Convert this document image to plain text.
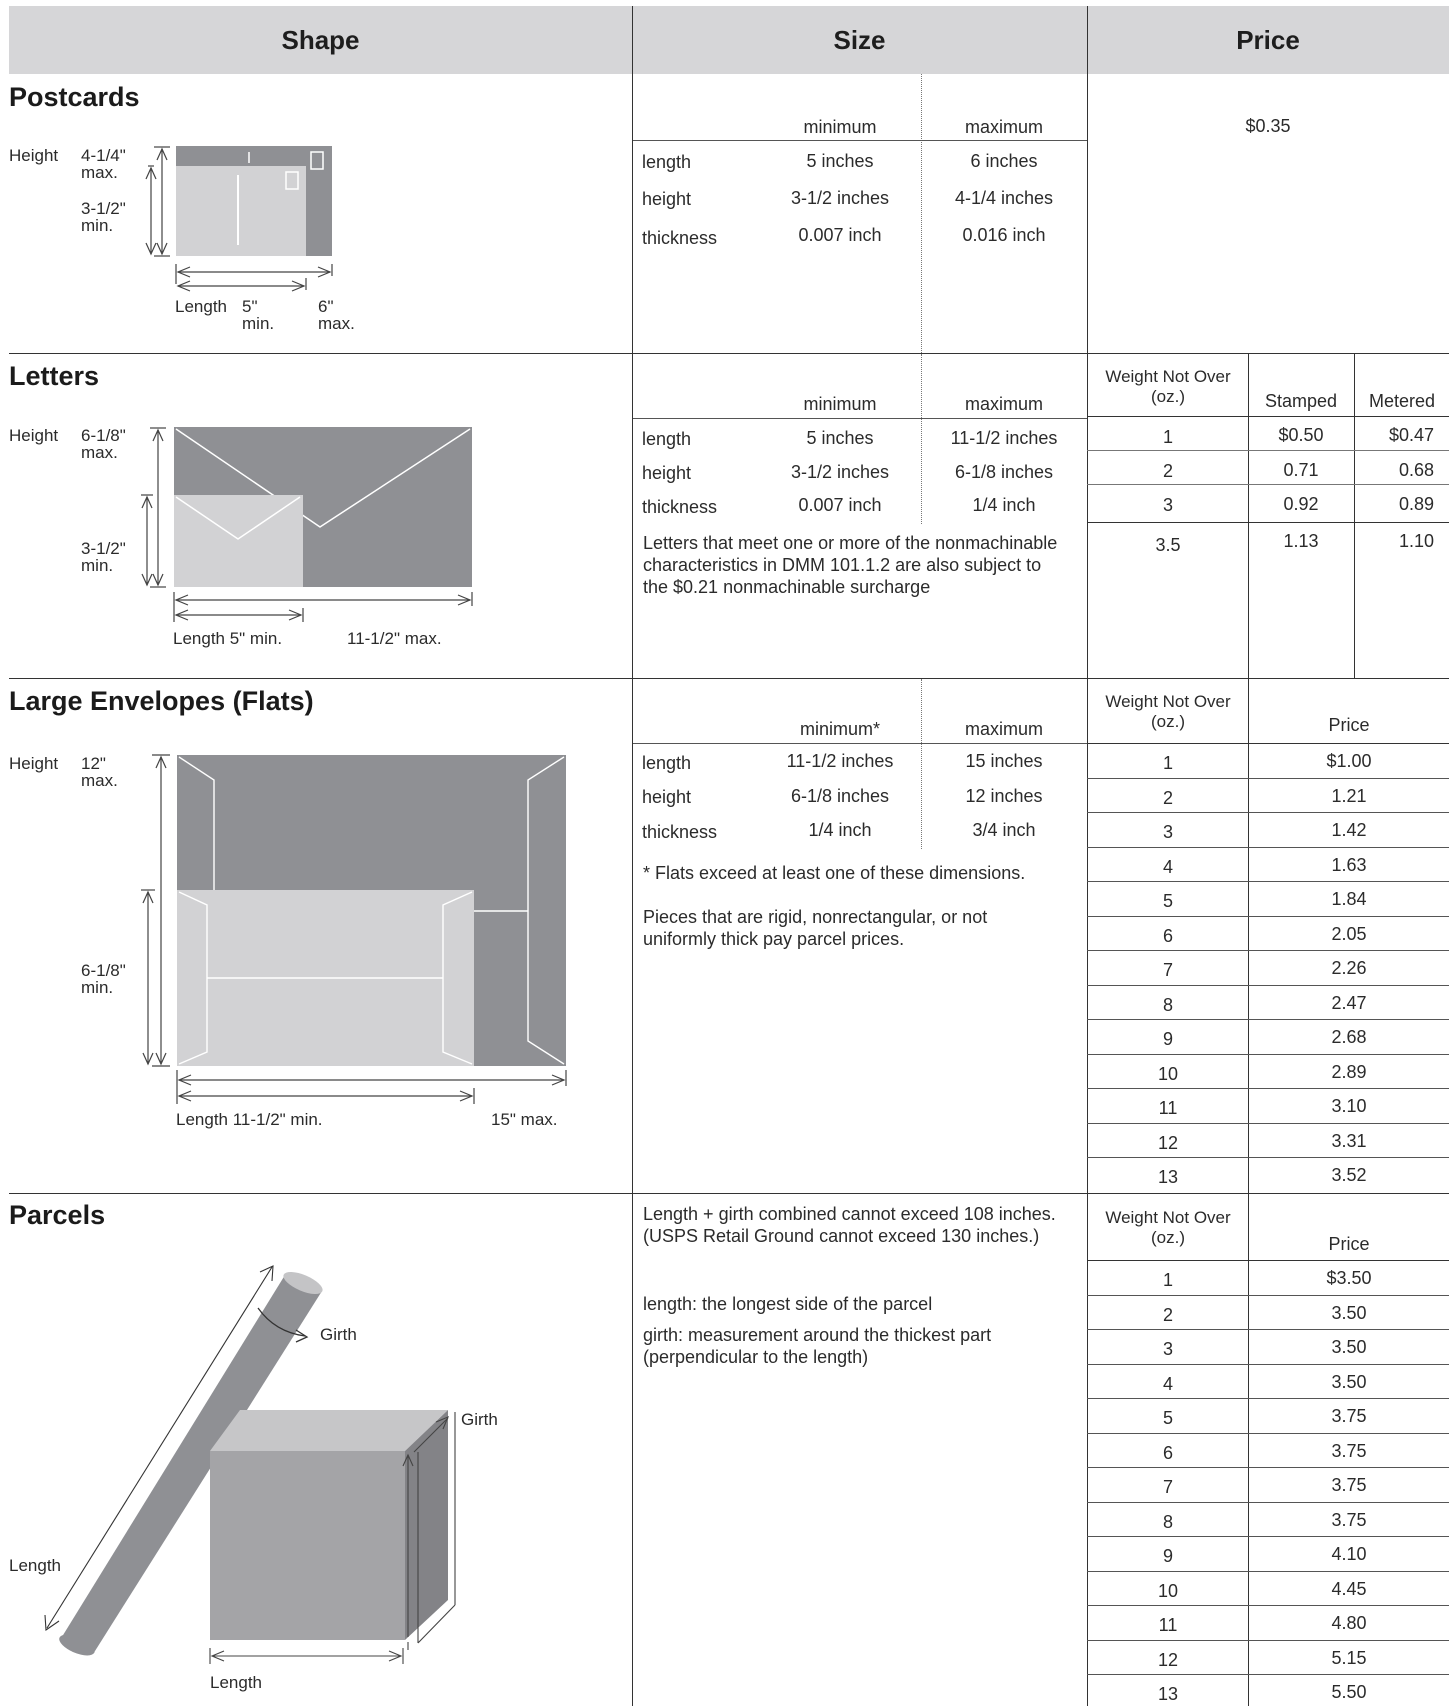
Shape	Size	Price
Postcards
Height 4-1/4"
max.
3-1/2"
min.
Length 5"
min.
6"
max.
minimum	maximum
length	5 inches	6 inches
height	3-1/2 inches	4-1/4 inches
thickness	0.007 inch	0.016 inch
$0.35
Letters
Height 6-1/8"
max.
3-1/2"
min.
Length 5" min.	11-1/2" max.
minimum	maximum
length	5 inches	11-1/2 inches
height	3-1/2 inches	6-1/8 inches
thickness	0.007 inch	1/4 inch
Letters that meet one or more of the nonmachinable characteristics in DMM 101.1.2 are also subject to the $0.21 nonmachinable surcharge
Weight Not Over (oz.)	Stamped	Metered
1	$0.50	$0.47
2	0.71	0.68
3	0.92	0.89
3.5	1.13	1.10
Large Envelopes (Flats)
Height 12"
max.
6-1/8"
min.
Length 11-1/2" min.	15" max.
minimum*	maximum
length	11-1/2 inches	15 inches
height	6-1/8 inches	12 inches
thickness	1/4 inch	3/4 inch
* Flats exceed at least one of these dimensions.
Pieces that are rigid, nonrectangular, or not uniformly thick pay parcel prices.
Weight Not Over (oz.)	Price
1	$1.00
2	1.21
3	1.42
4	1.63
5	1.84
6	2.05
7	2.26
8	2.47
9	2.68
10	2.89
11	3.10
12	3.31
13	3.52
Parcels
Girth
Girth
Length
Length
Length + girth combined cannot exceed 108 inches. (USPS Retail Ground cannot exceed 130 inches.)
length: the longest side of the parcel
girth: measurement around the thickest part (perpendicular to the length)
Weight Not Over (oz.)	Price
1	$3.50
2	3.50
3	3.50
4	3.50
5	3.75
6	3.75
7	3.75
8	3.75
9	4.10
10	4.45
11	4.80
12	5.15
13	5.50
